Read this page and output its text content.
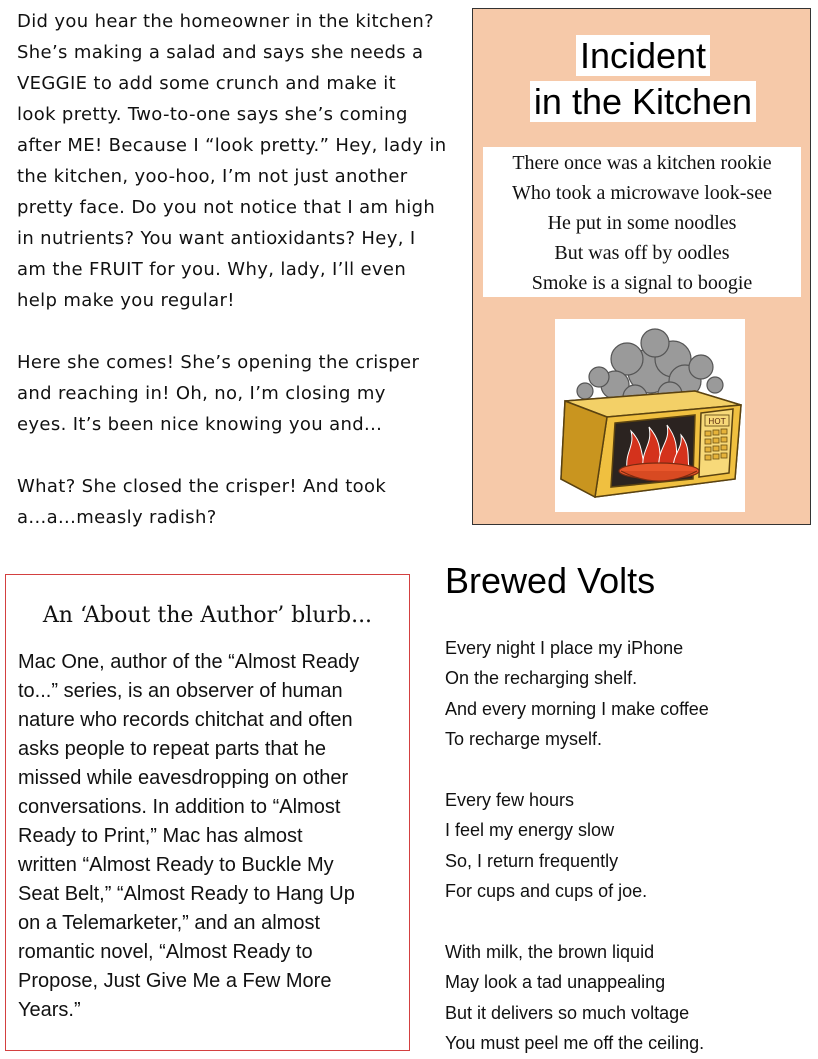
Did you hear the homeowner in the kitchen?
She’s making a salad and says she needs a
VEGGIE to add some crunch and make it
look pretty. Two-to-one says she’s coming
after ME! Because I “look pretty.” Hey, lady in
the kitchen, yoo-hoo, I’m not just another
pretty face. Do you not notice that I am high
in nutrients? You want antioxidants? Hey, I
am the FRUIT for you. Why, lady, I’ll even
help make you regular!

Here she comes! She’s opening the crisper
and reaching in! Oh, no, I’m closing my
eyes. It’s been nice knowing you and...

What? She closed the crisper! And took
a...a...measly radish?

Incident
in the Kitchen
There once was a kitchen rookie
Who took a microwave look-see
He put in some noodles
But was off by oodles
Smoke is a signal to boogie
HOT
An ‘About the Author’ blurb...

Mac One, author of the “Almost Ready
to...” series, is an observer of human
nature who records chitchat and often
asks people to repeat parts that he
missed while eavesdropping on other
conversations. In addition to “Almost
Ready to Print,” Mac has almost
written “Almost Ready to Buckle My
Seat Belt,” “Almost Ready to Hang Up
on a Telemarketer,” and an almost
romantic novel, “Almost Ready to
Propose, Just Give Me a Few More
Years.”

Brewed Volts
Every night I place my iPhone
On the recharging shelf.
And every morning I make coffee
To recharge myself.
Every few hours
I feel my energy slow
So, I return frequently
For cups and cups of joe.
With milk, the brown liquid
May look a tad unappealing
But it delivers so much voltage
You must peel me off the ceiling.
